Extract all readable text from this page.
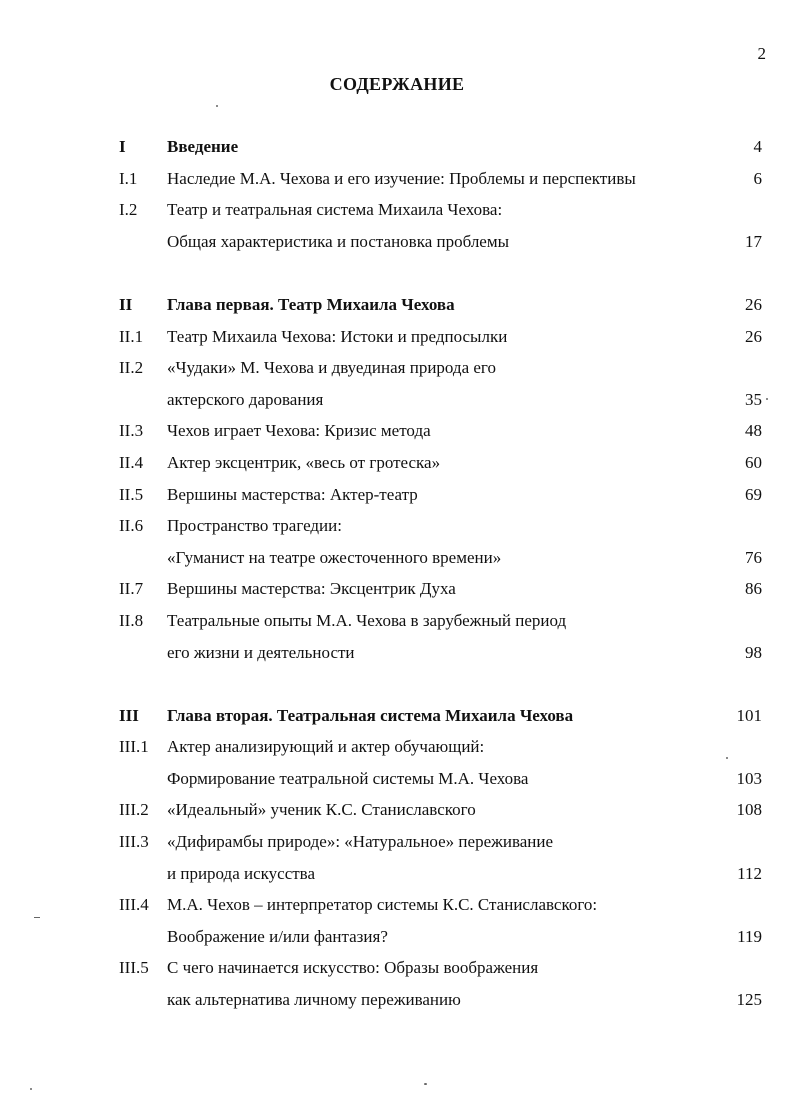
2
СОДЕРЖАНИЕ
I Введение	4
I.1 Наследие М.А. Чехова и его изучение: Проблемы и перспективы	6
I.2 Театр и театральная система Михаила Чехова:
Общая характеристика и постановка проблемы	17
II Глава первая. Театр Михаила Чехова	26
II.1 Театр Михаила Чехова: Истоки и предпосылки	26
II.2 «Чудаки» М. Чехова и двуединая природа его
актерского дарования	35
II.3 Чехов играет Чехова: Кризис метода	48
II.4 Актер эксцентрик, «весь от гротеска»	60
II.5 Вершины мастерства: Актер-театр	69
II.6 Пространство трагедии:
«Гуманист на театре ожесточенного времени»	76
II.7 Вершины мастерства: Эксцентрик Духа	86
II.8 Театральные опыты М.А. Чехова в зарубежный период
его жизни и деятельности	98
III Глава вторая. Театральная система Михаила Чехова	101
III.1 Актер анализирующий и актер обучающий:
Формирование театральной системы М.А. Чехова	103
III.2 «Идеальный» ученик К.С. Станиславского	108
III.3 «Дифирамбы природе»: «Натуральное» переживание
и природа искусства	112
III.4 М.А. Чехов – интерпретатор системы К.С. Станиславского:
Воображение и/или фантазия?	119
III.5 С чего начинается искусство: Образы воображения
как альтернатива личному переживанию	125
